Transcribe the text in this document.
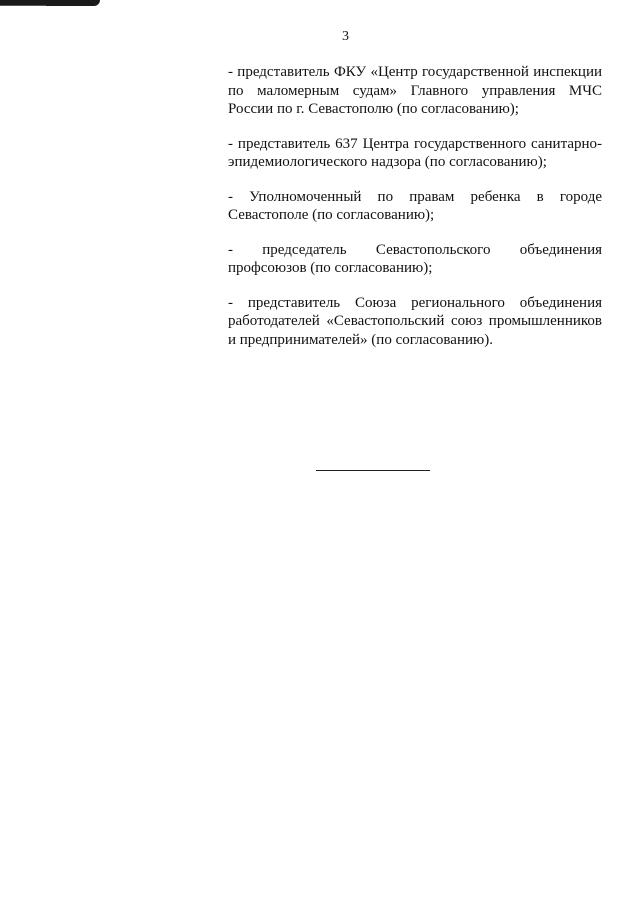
3

- представитель ФКУ «Центр государственной инспекции
по маломерным судам» Главного управления МЧС
России по г. Севастополю (по согласованию);

- представитель 637 Центра государственного санитарно-
эпидемиологического надзора (по согласованию);

- Уполномоченный по правам ребенка в городе
Севастополе (по согласованию);

- председатель Севастопольского объединения
профсоюзов (по согласованию);

- представитель Союза регионального объединения
работодателей «Севастопольский союз промышленников
и предпринимателей» (по согласованию).
